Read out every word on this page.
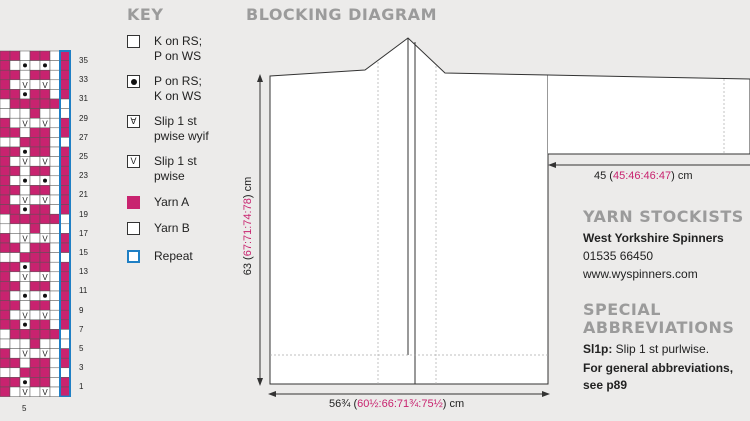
V V
V V
V V
V V
V V
V V
V V
V V
V V
5
35
33
31
29
27
25
23
21
19
17
15
13
11
9
7
5
3
1
KEY
K on RS;
P on WS
P on RS;
K on WS
∀ Slip 1 st
pwise wyif
V Slip 1 st
pwise
Yarn A
Yarn B
Repeat
BLOCKING DIAGRAM
63 (67:71:74:78) cm
56¾ (60½:66:71¾:75½) cm
45 (45:46:46:47) cm
YARN STOCKISTS
West Yorkshire Spinners
01535 66450
www.wyspinners.com
SPECIAL
ABBREVIATIONS
Sl1p: Slip 1 st purlwise.
For general abbreviations,
see p89
